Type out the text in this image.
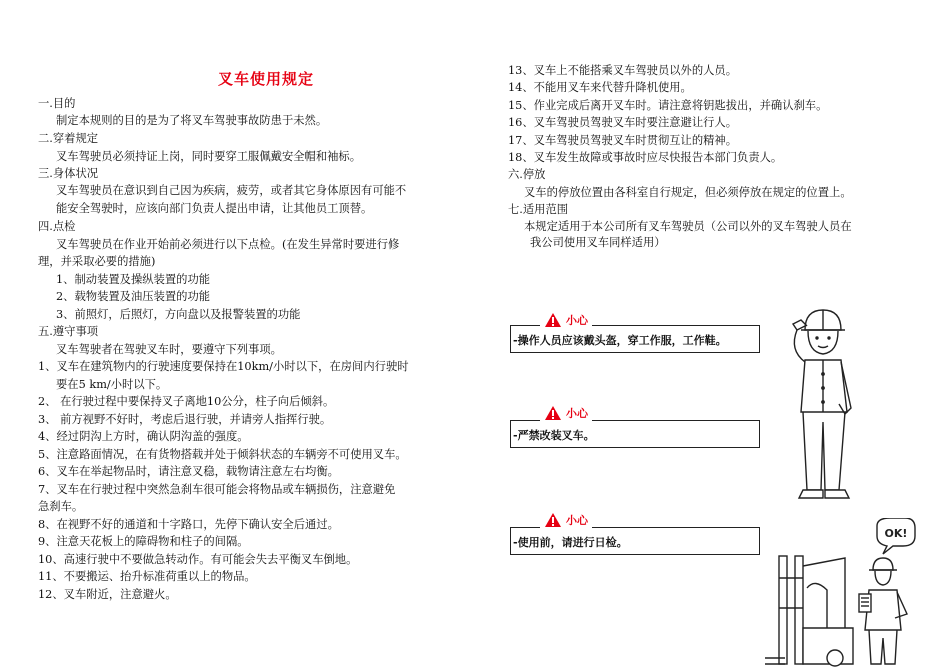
叉车使用规定
一.目的
制定本规则的目的是为了将叉车驾驶事故防患于未然。
二.穿着规定
叉车驾驶员必须持证上岗，同时要穿工服佩戴安全帽和袖标。
三.身体状况
叉车驾驶员在意识到自己因为疾病，疲劳，或者其它身体原因有可能不
能安全驾驶时，应该向部门负责人提出申请，让其他员工顶替。
四.点检
叉车驾驶员在作业开始前必须进行以下点检。(在发生异常时要进行修
理，并采取必要的措施)
1、制动装置及操纵装置的功能
2、载物装置及油压装置的功能
3、前照灯，后照灯，方向盘以及报警装置的功能
五.遵守事项
叉车驾驶者在驾驶叉车时，要遵守下列事项。
1、叉车在建筑物内的行驶速度要保持在10km/小时以下，在房间内行驶时
要在5 km/小时以下。
2、 在行驶过程中要保持叉子离地10公分，柱子向后倾斜。
3、 前方视野不好时，考虑后退行驶，并请旁人指挥行驶。
4、经过阴沟上方时，确认阴沟盖的强度。
5、注意路面情况，在有货物搭载并处于倾斜状态的车辆旁不可使用叉车。
6、叉车在举起物品时，请注意叉稳，载物请注意左右均衡。
7、叉车在行驶过程中突然急刹车很可能会将物品或车辆损伤，注意避免
急刹车。
8、在视野不好的通道和十字路口，先停下确认安全后通过。
9、注意天花板上的障碍物和柱子的间隔。
10、高速行驶中不要做急转动作。有可能会失去平衡叉车倒地。
11、不要搬运、抬升标准荷重以上的物品。
12、叉车附近，注意避火。
13、叉车上不能搭乘叉车驾驶员以外的人员。
14、不能用叉车来代替升降机使用。
15、作业完成后离开叉车时。请注意将钥匙拔出，并确认刹车。
16、叉车驾驶员驾驶叉车时要注意避让行人。
17、叉车驾驶员驾驶叉车时贯彻互让的精神。
18、叉车发生故障或事故时应尽快报告本部门负责人。
六.停放
叉车的停放位置由各科室自行规定，但必须停放在规定的位置上。
七.适用范围
本规定适用于本公司所有叉车驾驶员（公司以外的叉车驾驶人员在
我公司使用叉车同样适用）
-操作人员应该戴头盔，穿工作服，工作鞋。
小心
-严禁改装叉车。
小心
-使用前，请进行日检。
小心
OK!
